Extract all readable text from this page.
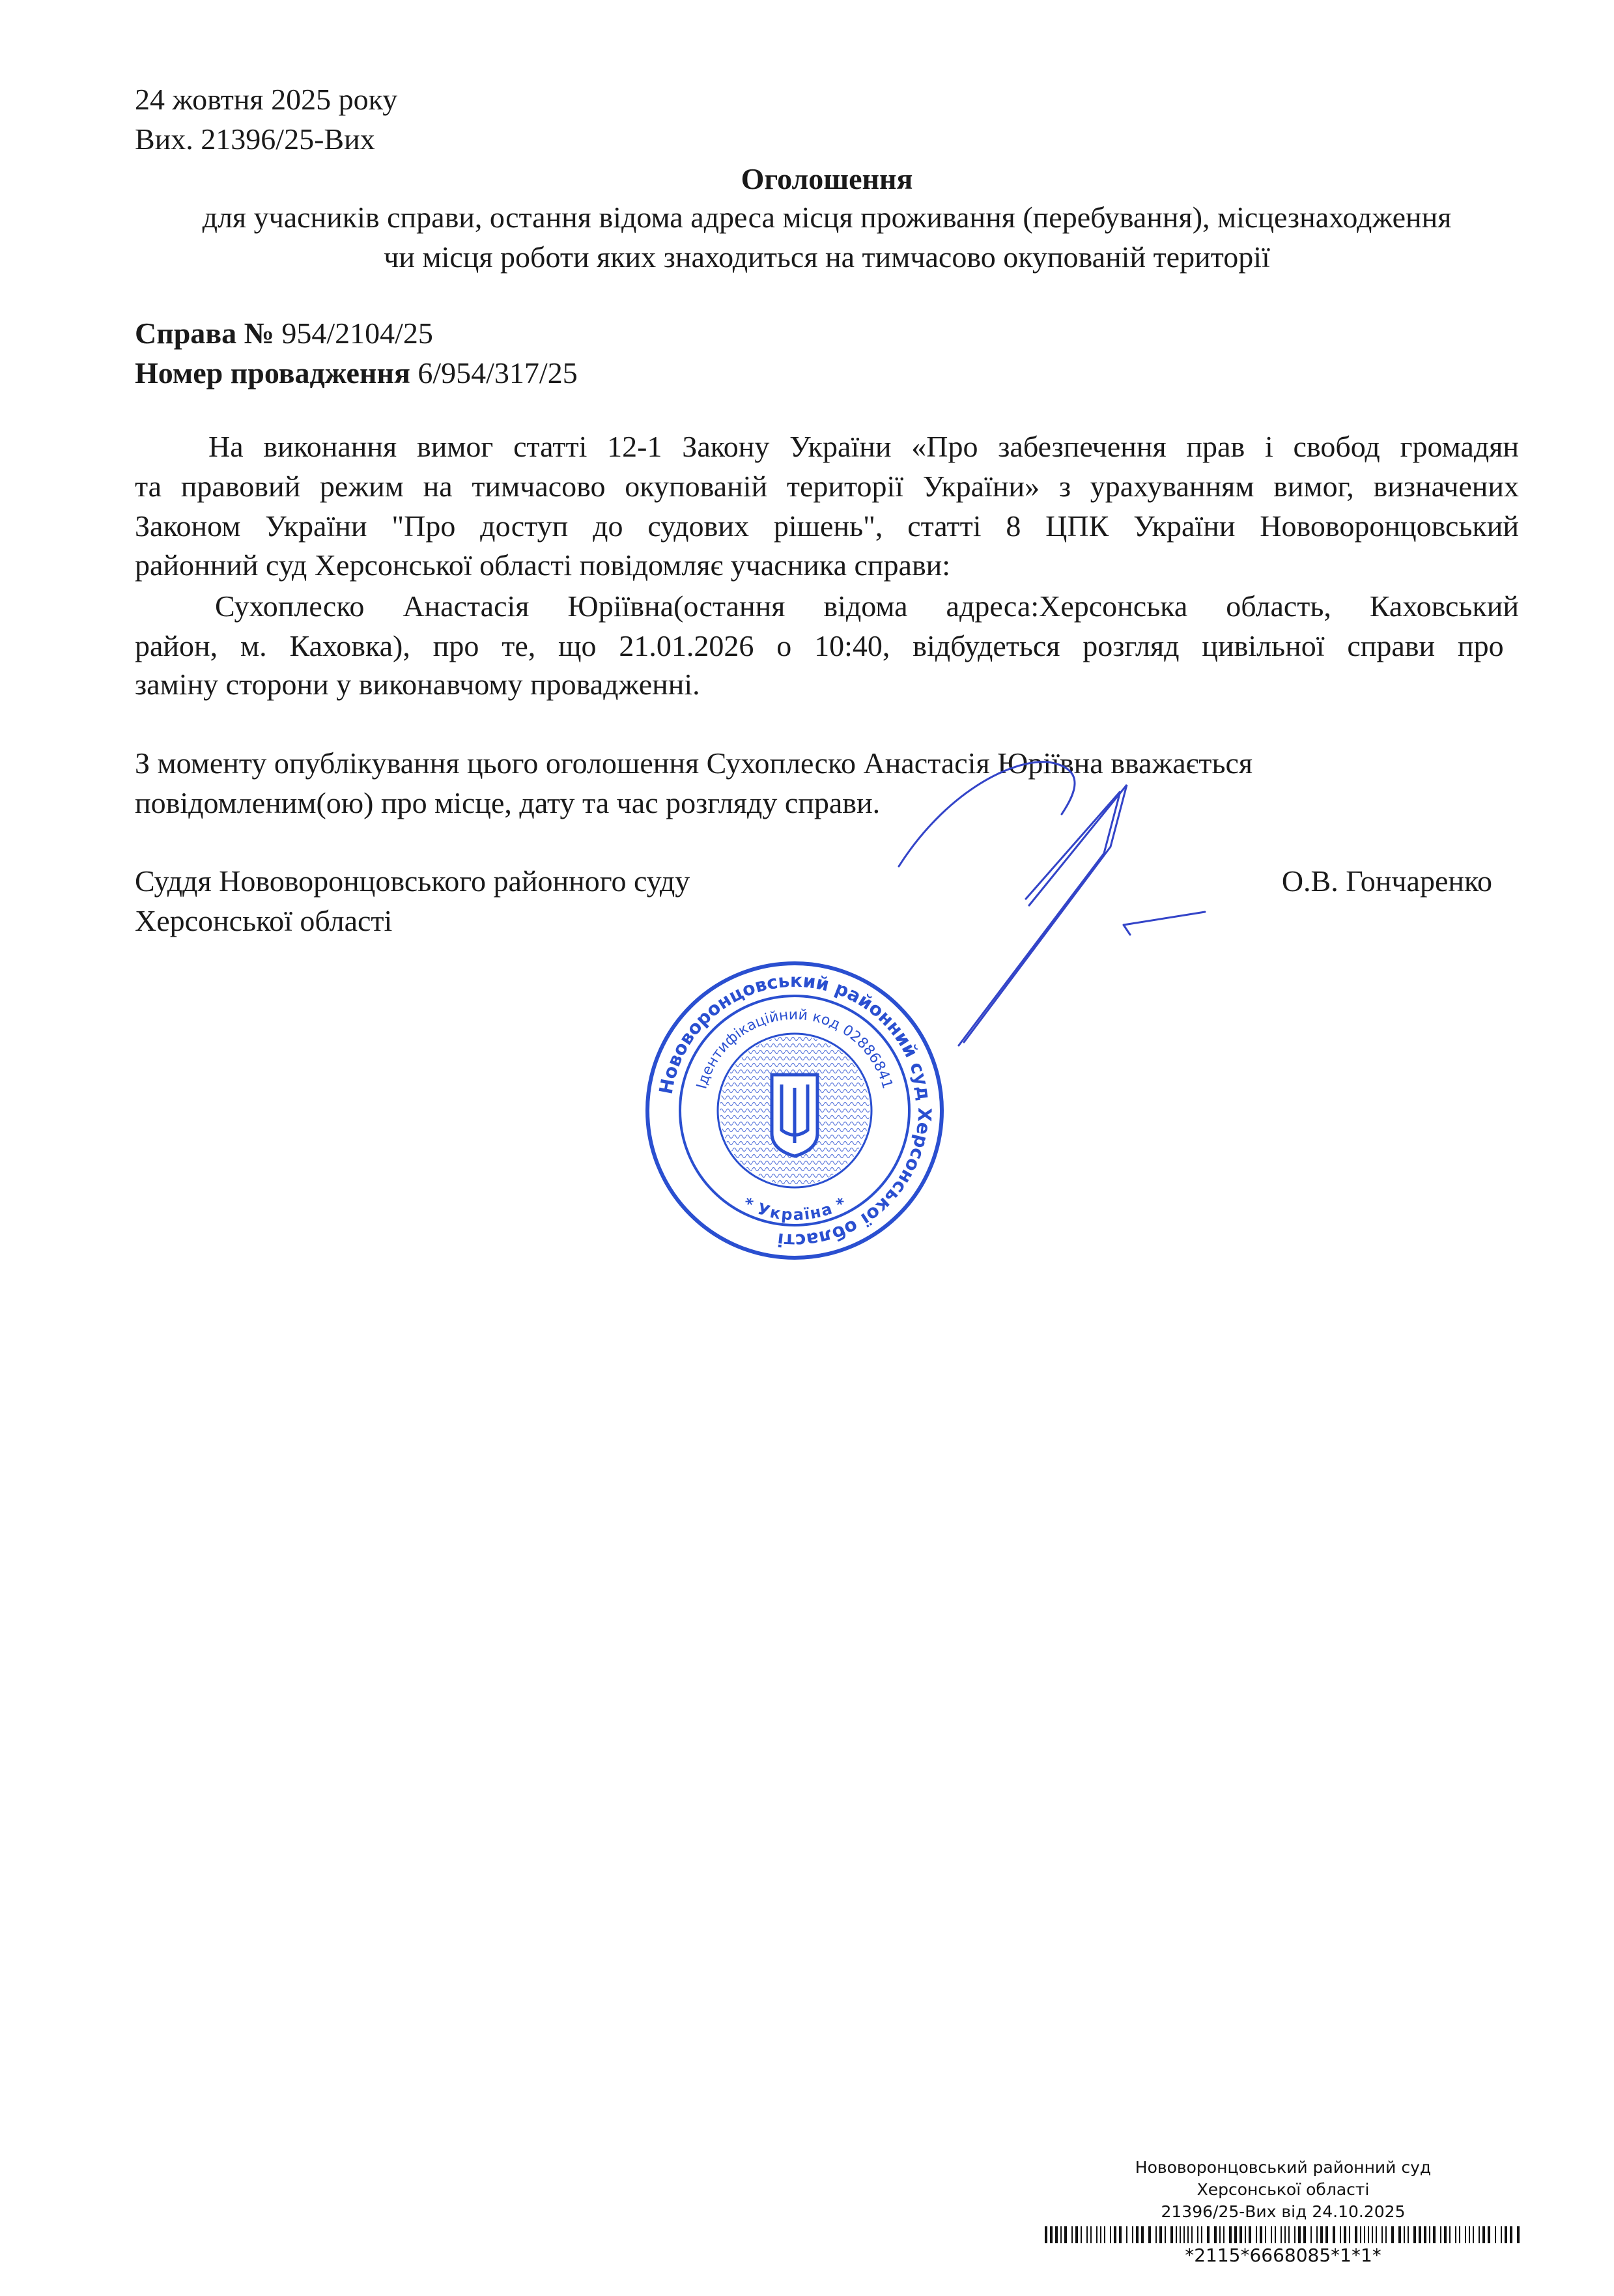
24 жовтня 2025 року
Вих. 21396/25-Вих
Оголошення
для учасників справи, остання відома адреса місця проживання (перебування), місцезнаходження
чи місця роботи яких знаходиться на тимчасово окупованій території
Справа № 954/2104/25
Номер провадження 6/954/317/25
На виконання вимог статті 12-1 Закону України «Про забезпечення прав і свобод громадян
та правовий режим на тимчасово окупованій території України» з урахуванням вимог, визначених
Законом України "Про доступ до судових рішень", статті 8 ЦПК України Нововоронцовський
районний суд Херсонської області повідомляє учасника справи:
Сухоплеско Анастасія Юріївна(остання відома адреса:Херсонська область, Каховський
район, м. Каховка), про те, що 21.01.2026 о 10:40, відбудеться розгляд цивільної справи про
заміну сторони у виконавчому провадженні.
З моменту опублікування цього оголошення Сухоплеско Анастасія Юріївна вважається
повідомленим(ою) про місце, дату та час розгляду справи.
Суддя Нововоронцовського районного суду
Херсонської області
О.В. Гончаренко
Нововоронцовський районний суд Херсонської області
Ідентифікаційний код 02886841
* Україна *
Нововоронцовський районний суд
Херсонської області
21396/25-Вих від 24.10.2025
*2115*6668085*1*1*
